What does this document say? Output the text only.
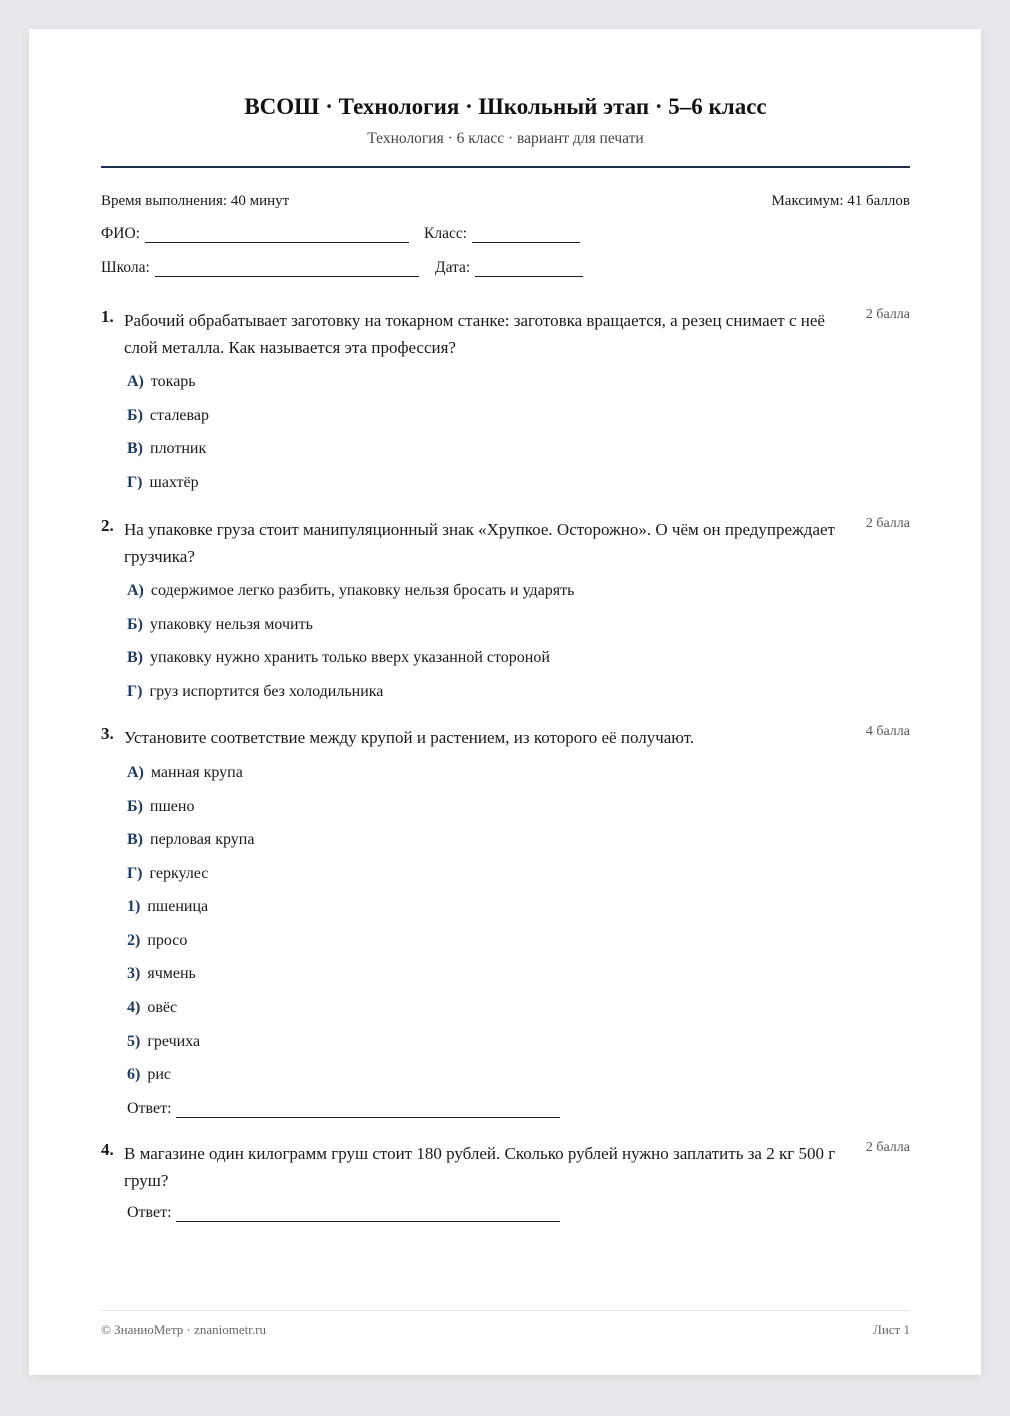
ВСОШ · Технология · Школьный этап · 5–6 класс
Технология · 6 класс · вариант для печати
Время выполнения: 40 минут	Максимум: 41 баллов
ФИО:	Класс:
Школа:	Дата:
1. Рабочий обрабатывает заготовку на токарном станке: заготовка вращается, а резец снимает с неё слой металла. Как называется эта профессия?
2 балла
А) токарь
Б) сталевар
В) плотник
Г) шахтёр
2. На упаковке груза стоит манипуляционный знак «Хрупкое. Осторожно». О чём он предупреждает грузчика?
2 балла
А) содержимое легко разбить, упаковку нельзя бросать и ударять
Б) упаковку нельзя мочить
В) упаковку нужно хранить только вверх указанной стороной
Г) груз испортится без холодильника
3. Установите соответствие между крупой и растением, из которого её получают.	4 балла
А) манная крупа
Б) пшено
В) перловая крупа
Г) геркулес
1) пшеница
2) просо
3) ячмень
4) овёс
5) гречиха
6) рис
Ответ:
4. В магазине один килограмм груш стоит 180 рублей. Сколько рублей нужно заплатить за 2 кг 500 г груш?
2 балла
Ответ:
© ЗнаниоМетр · znaniometr.ru	Лист 1
